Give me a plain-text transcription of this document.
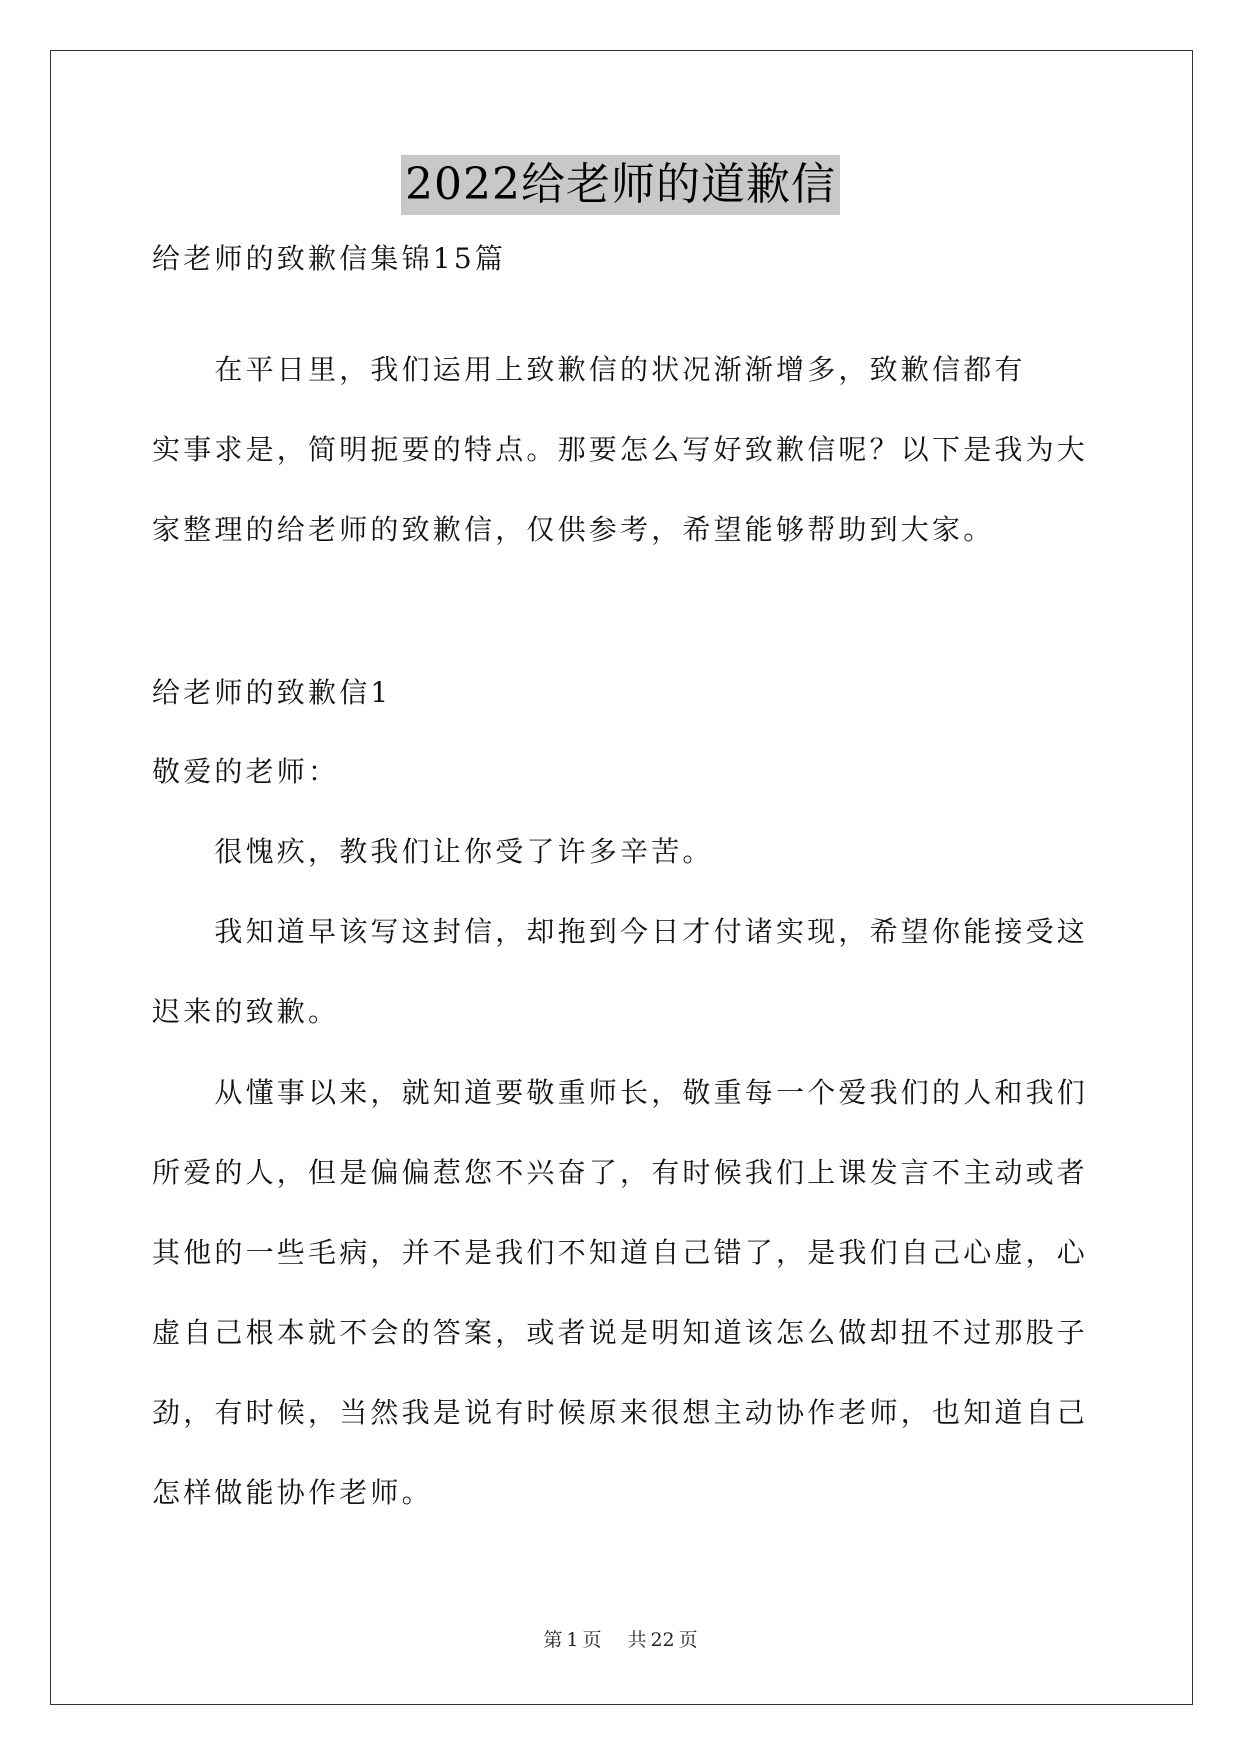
2022给老师的道歉信
给老师的致歉信集锦15篇
　　在平日里，我们运用上致歉信的状况渐渐增多，致歉信都有
实事求是，简明扼要的特点。那要怎么写好致歉信呢？以下是我为大
家整理的给老师的致歉信，仅供参考，希望能够帮助到大家。
给老师的致歉信1
敬爱的老师：
　　很愧疚，教我们让你受了许多辛苦。
　　我知道早该写这封信，却拖到今日才付诸实现，希望你能接受这
迟来的致歉。
　　从懂事以来，就知道要敬重师长，敬重每一个爱我们的人和我们
所爱的人，但是偏偏惹您不兴奋了，有时候我们上课发言不主动或者
其他的一些毛病，并不是我们不知道自己错了，是我们自己心虚，心
虚自己根本就不会的答案，或者说是明知道该怎么做却扭不过那股子
劲，有时候，当然我是说有时候原来很想主动协作老师，也知道自己
怎样做能协作老师。
第 1 页 共 22 页
